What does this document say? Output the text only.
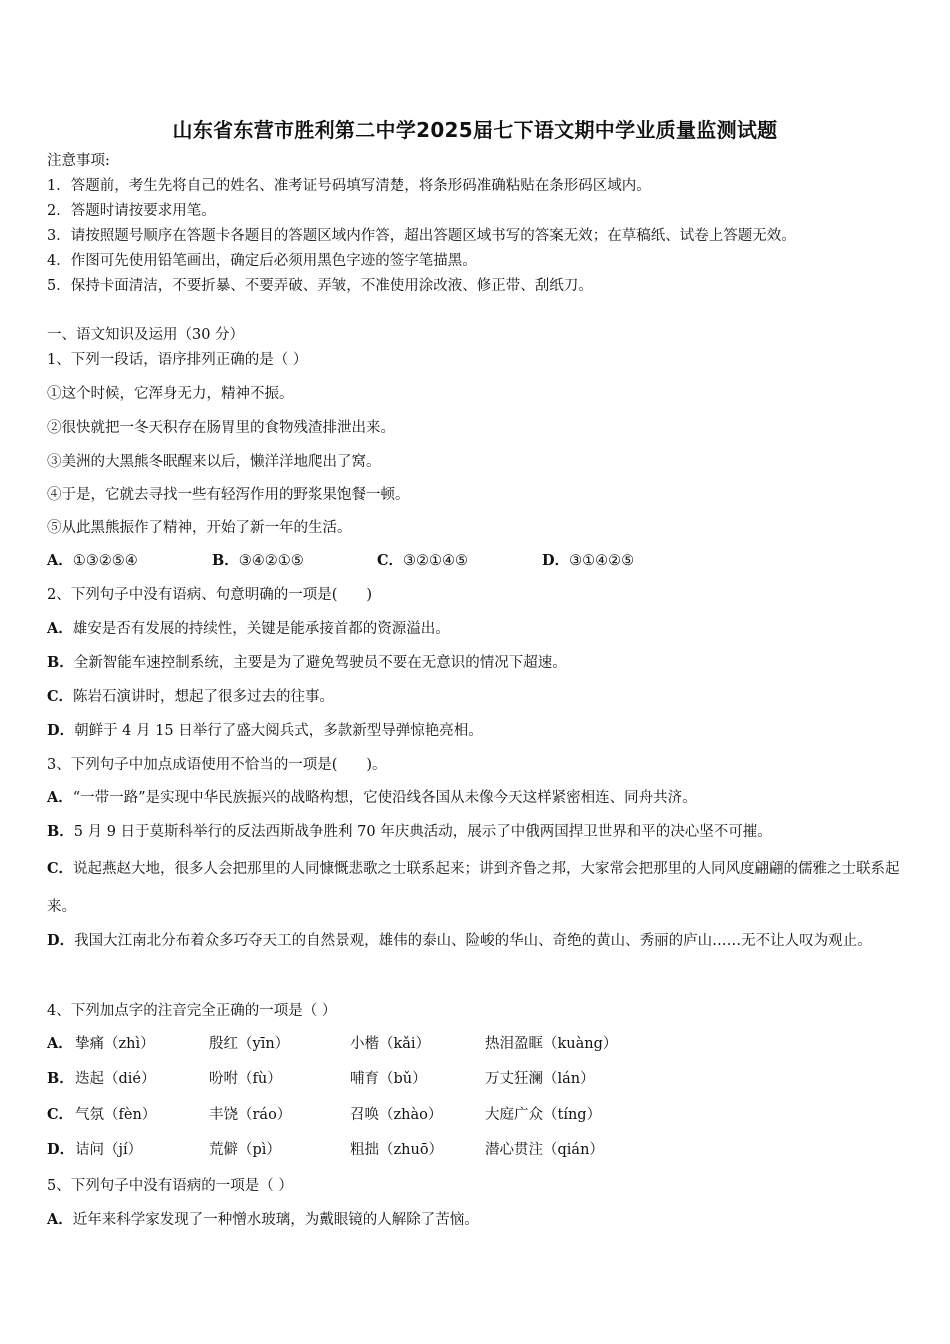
山东省东营市胜利第二中学2025届七下语文期中学业质量监测试题
注意事项:
1．答题前，考生先将自己的姓名、准考证号码填写清楚，将条形码准确粘贴在条形码区域内。
2．答题时请按要求用笔。
3．请按照题号顺序在答题卡各题目的答题区域内作答，超出答题区域书写的答案无效；在草稿纸、试卷上答题无效。
4．作图可先使用铅笔画出，确定后必须用黑色字迹的签字笔描黑。
5．保持卡面清洁，不要折暴、不要弄破、弄皱，不准使用涂改液、修正带、刮纸刀。
一、语文知识及运用（30 分）
1、下列一段话，语序排列正确的是（ ）
①这个时候，它浑身无力，精神不振。
②很快就把一冬天积存在肠胃里的食物残渣排泄出来。
③美洲的大黑熊冬眠醒来以后，懒洋洋地爬出了窝。
④于是，它就去寻找一些有轻泻作用的野浆果饱餐一顿。
⑤从此黑熊振作了精神，开始了新一年的生活。
A．①③②⑤④	B．③④②①⑤	C．③②①④⑤	D．③①④②⑤
2、下列句子中没有语病、句意明确的一项是(　　)
A．雄安是否有发展的持续性，关键是能承接首都的资源溢出。
B．全新智能车速控制系统，主要是为了避免驾驶员不要在无意识的情况下超速。
C．陈岩石演讲时，想起了很多过去的往事。
D．朝鲜于 4 月 15 日举行了盛大阅兵式，多款新型导弹惊艳亮相。
3、下列句子中加点成语使用不恰当的一项是(　　)。
A．“一带一路”是实现中华民族振兴的战略构想，它使沿线各国从未像今天这样紧密相连、同舟共济。
B．5 月 9 日于莫斯科举行的反法西斯战争胜利 70 年庆典活动，展示了中俄两国捍卫世界和平的决心坚不可摧。
C．说起燕赵大地，很多人会把那里的人同慷慨悲歌之士联系起来；讲到齐鲁之邦，大家常会把那里的人同风度翩翩的儒雅之士联系起来。
D．我国大江南北分布着众多巧夺天工的自然景观，雄伟的泰山、险峻的华山、奇绝的黄山、秀丽的庐山……无不让人叹为观止。
4、下列加点字的注音完全正确的一项是（ ）
A． 挚痛（zhì）	殷红（yīn）	小楷（kǎi）	热泪盈眶（kuàng）
B． 迭起（dié）	吩咐（fù）	哺育（bǔ）	万丈狂澜（lán）
C． 气氛（fèn）	丰饶（ráo）	召唤（zhào）	大庭广众（tíng）
D． 诘问（jí）	荒僻（pì）	粗拙（zhuō）	潜心贯注（qián）
5、下列句子中没有语病的一项是（ ）
A．近年来科学家发现了一种憎水玻璃，为戴眼镜的人解除了苦恼。
